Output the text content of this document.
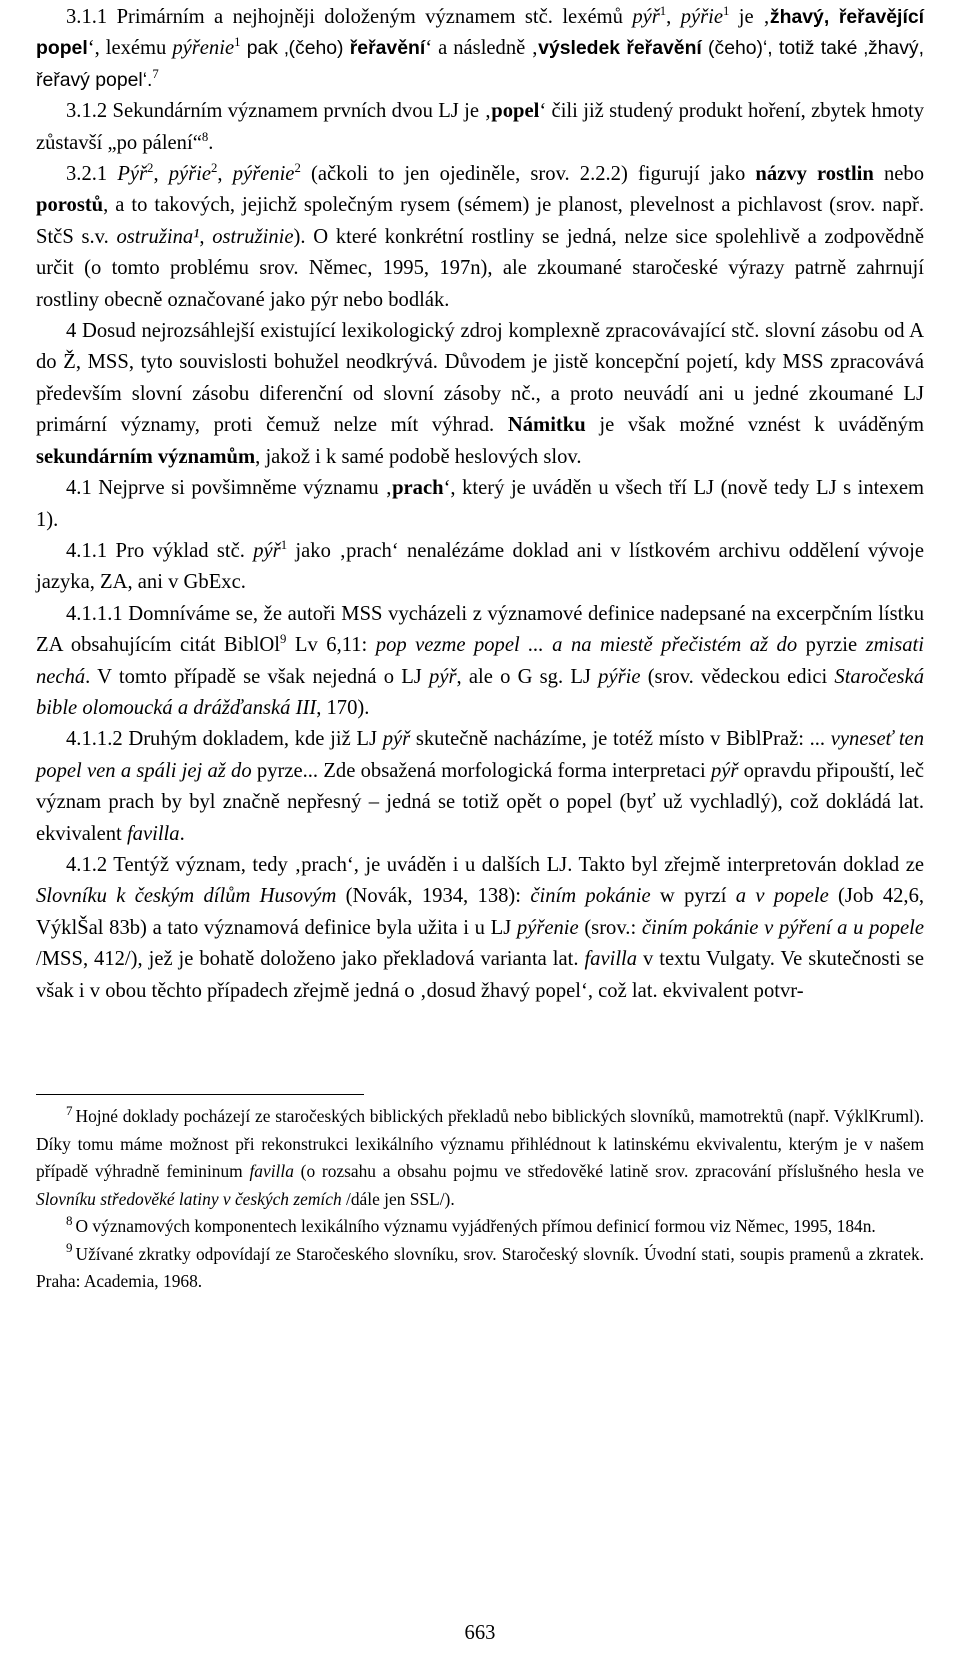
3.1.1 Primárním a nejhojněji doloženým významem stč. lexémů pýř$^1$, pýřie$^1$ je ‚žhavý, řeřavějící popel‘, lexému pýřenie$^1$ pak ‚(čeho) řeřavění‘ a následně ‚výsledek řeřavění (čeho)‘, totiž také ‚žhavý, řeřavý popel‘.$^7$

3.1.2 Sekundárním významem prvních dvou LJ je ‚popel‘ čili již studený produkt hoření, zbytek hmoty zůstavší „po pálení“$^8$.

3.2.1 Pýř$^2$, pýřie$^2$, pýřenie$^2$ (ačkoli to jen ojediněle, srov. 2.2.2) figurují jako názvy rostlin nebo porostů, a to takových, jejichž společným rysem (sémem) je planost, plevelnost a pichlavost (srov. např. StčS s.v. ostružina¹, ostružinie). O které konkrétní rostliny se jedná, nelze sice spolehlivě a zodpovědně určit (o tomto problému srov. Němec, 1995, 197n), ale zkoumané staročeské výrazy patrně zahrnují rostliny obecně označované jako pýr nebo bodlák.

4 Dosud nejrozsáhlejší existující lexikologický zdroj komplexně zpracovávající stč. slovní zásobu od A do Ž, MSS, tyto souvislosti bohužel neodkrývá. Důvodem je jistě koncepční pojetí, kdy MSS zpracovává především slovní zásobu diferenční od slovní zásoby nč., a proto neuvádí ani u jedné zkoumané LJ primární významy, proti čemuž nelze mít výhrad. Námitku je však možné vznést k uváděným sekundárním významům, jakož i k samé podobě heslových slov.

4.1 Nejprve si povšimněme významu ‚prach‘, který je uváděn u všech tří LJ (nově tedy LJ s intexem 1).

4.1.1 Pro výklad stč. pýř$^1$ jako ‚prach‘ nenalézáme doklad ani v lístkovém archivu oddělení vývoje jazyka, ZA, ani v GbExc.

4.1.1.1 Domníváme se, že autoři MSS vycházeli z významové definice nadepsané na excerpčním lístku ZA obsahujícím citát BiblOl$^9$ Lv 6,11: pop vezme popel ... a na miestě přečistém až do pyrzie zmisati nechá. V tomto případě se však nejedná o LJ pýř, ale o G sg. LJ pýřie (srov. vědeckou edici Staročeská bible olomoucká a drážďanská III, 170).

4.1.1.2 Druhým dokladem, kde již LJ pýř skutečně nacházíme, je totéž místo v BiblPraž: ... vyneseť ten popel ven a spáli jej až do pyrze... Zde obsažená morfologická forma interpretaci pýř opravdu připouští, leč význam prach by byl značně nepřesný – jedná se totiž opět o popel (byť už vychladlý), což dokládá lat. ekvivalent favilla.

4.1.2 Tentýž význam, tedy ‚prach‘, je uváděn i u dalších LJ. Takto byl zřejmě interpretován doklad ze Slovníku k českým dílům Husovým (Novák, 1934, 138): činím pokánie w pyrzí a v popele (Job 42,6, VýklŠal 83b) a tato významová definice byla užita i u LJ pýřenie (srov.: činím pokánie v pýření a u popele /MSS, 412/), jež je bohatě doloženo jako překladová varianta lat. favilla v textu Vulgaty. Ve skutečnosti se však i v obou těchto případech zřejmě jedná o ‚dosud žhavý popel‘, což lat. ekvivalent potvr-

$^7$ Hojné doklady pocházejí ze staročeských biblických překladů nebo biblických slovníků, mamotrektů (např. VýklKruml). Díky tomu máme možnost při rekonstrukci lexikálního významu přihlédnout k latinskému ekvivalentu, kterým je v našem případě výhradně femininum favilla (o rozsahu a obsahu pojmu ve středověké latině srov. zpracování příslušného hesla ve Slovníku středověké latiny v českých zemích /dále jen SSL/).

$^8$ O významových komponentech lexikálního významu vyjádřených přímou definicí formou viz Němec, 1995, 184n.

$^9$ Užívané zkratky odpovídají ze Staročeského slovníku, srov. Staročeský slovník. Úvodní stati, soupis pramenů a zkratek. Praha: Academia, 1968.

663
